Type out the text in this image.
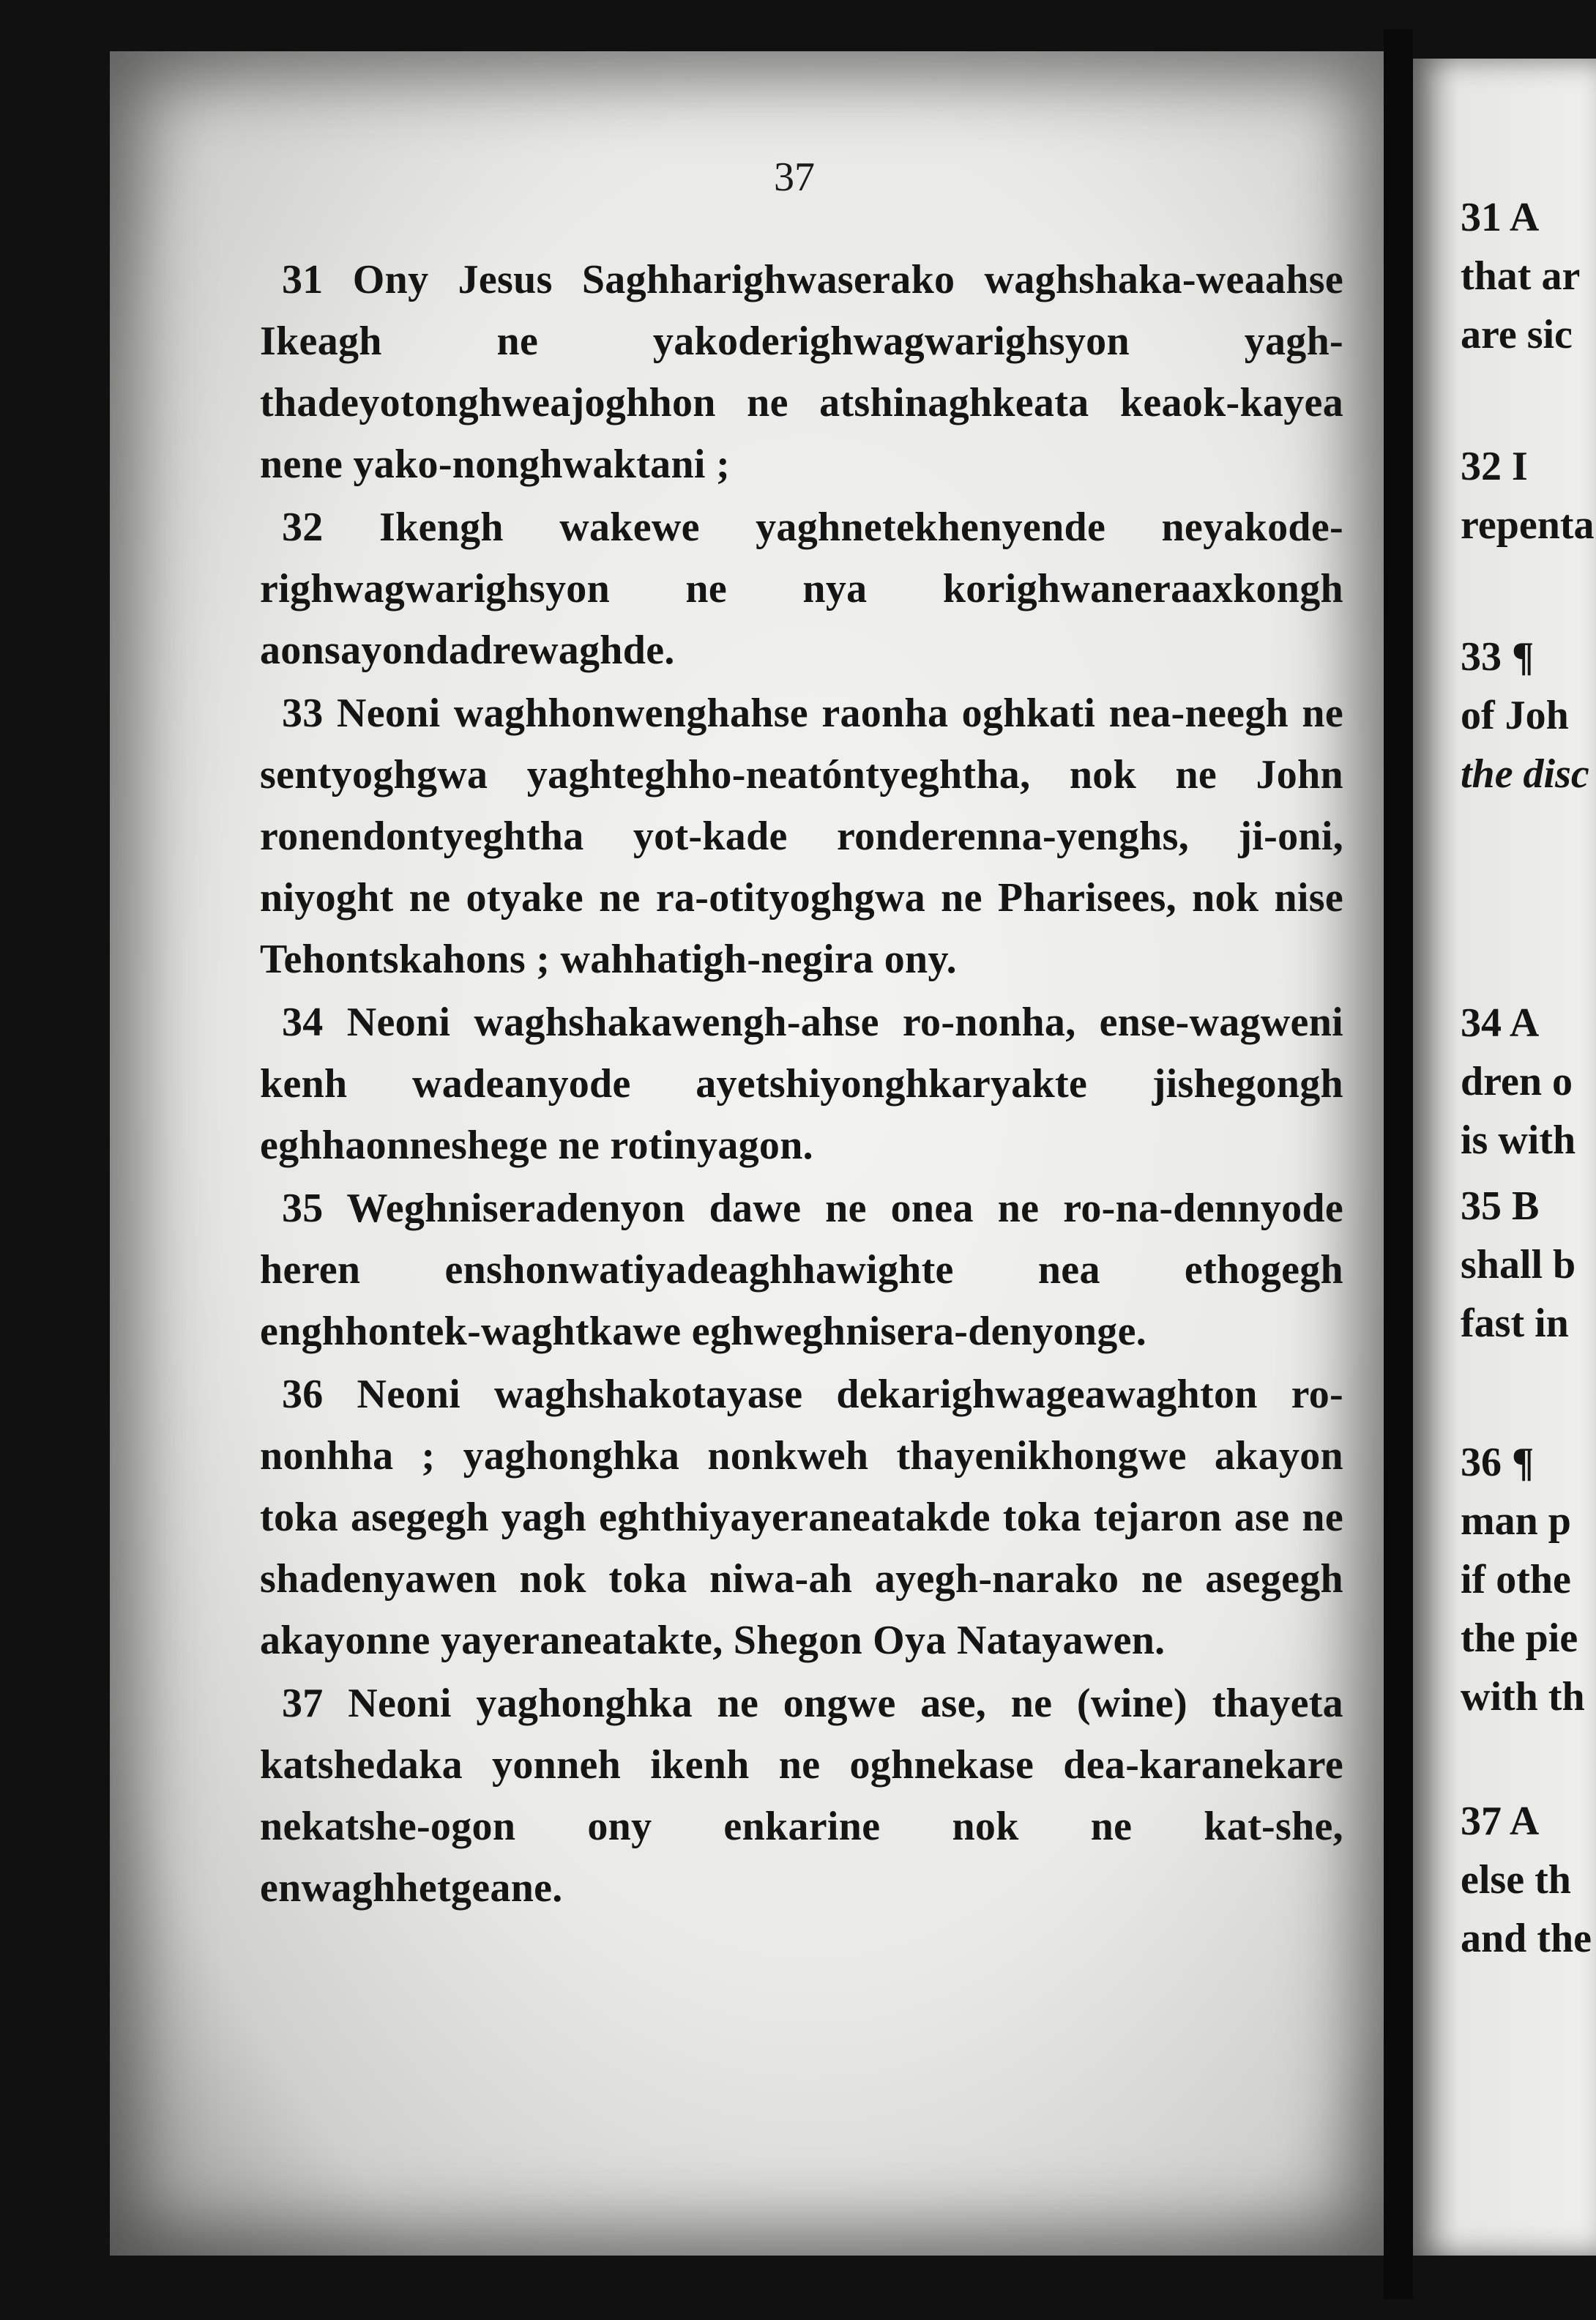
31 A
that ar
are sic
32 I
repenta
33 ¶
of Joh
the disc
34 A
dren o
is with
35 B
shall b
fast in
36 ¶
man p
if othe
the pie
with th
37 A
else th
and the
37

31 Ony Jesus Saghharighwaserako waghshaka-weaahse Ikeagh ne yakoderighwagwarighsyon yagh-thadeyotonghweajoghhon ne atshinaghkeata keaok-kayea nene yako-nonghwaktani ;

32 Ikengh wakewe yaghnetekhenyende neyakode-righwagwarighsyon ne nya korighwaneraaxkongh aonsayondadrewaghde.

33 Neoni waghhonwenghahse raonha oghkati nea-neegh ne sentyoghgwa yaghteghho-neatóntyeghtha, nok ne John ronendontyeghtha yot-kade ronderenna-yenghs, ji-oni, niyoght ne otyake ne ra-otityoghgwa ne Pharisees, nok nise Tehontskahons ; wahhatigh-negira ony.

34 Neoni waghshakawengh-ahse ro-nonha, ense-wagweni kenh wadeanyode ayetshiyonghkaryakte jishegongh eghhaonneshege ne rotinyagon.

35 Weghniseradenyon dawe ne onea ne ro-na-dennyode heren enshonwatiyadeaghhawighte nea ethogegh enghhontek-waghtkawe eghweghnisera-denyonge.

36 Neoni waghshakotayase dekarighwageawaghton ro-nonhha ; yaghonghka nonkweh thayenikhongwe akayon toka asegegh yagh eghthiyayeraneatakde toka tejaron ase ne shadenyawen nok toka niwa-ah ayegh-narako ne asegegh akayonne yayeraneatakte, Shegon Oya Natayawen.

37 Neoni yaghonghka ne ongwe ase, ne (wine) thayeta katshedaka yonneh ikenh ne oghnekase dea-karanekare nekatshe-ogon ony enkarine nok ne kat-she, enwaghhetgeane.
